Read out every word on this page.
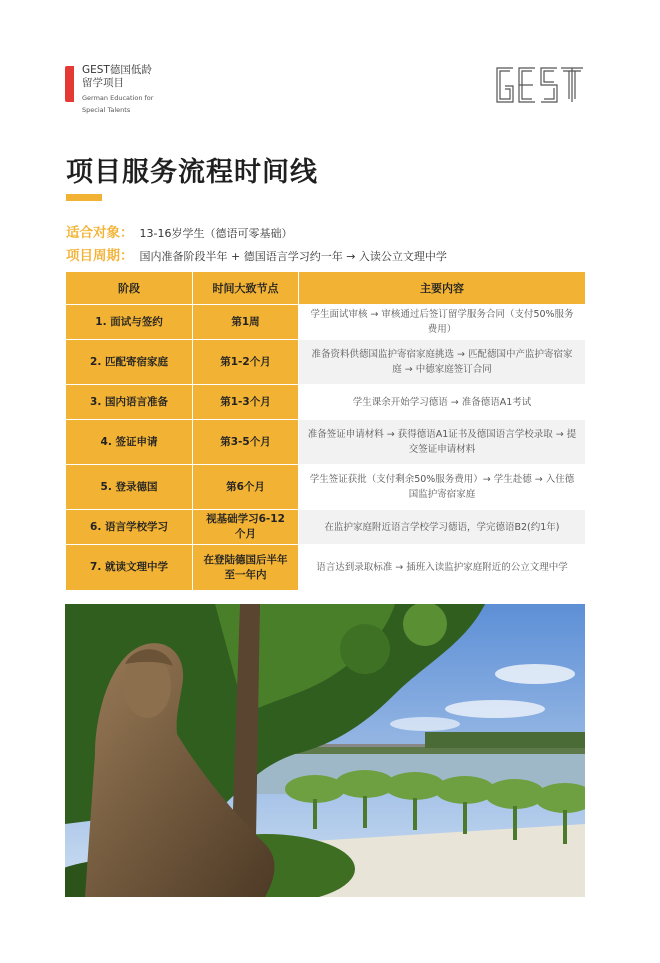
GEST德国低龄
留学项目
German Education for
Special Talents
项目服务流程时间线
适合对象： 13-16岁学生（德语可零基础）
项目周期： 国内准备阶段半年 + 德国语言学习约一年 → 入读公立文理中学
阶段	时间大致节点	主要内容
1. 面试与签约	第1周	学生面试审核 → 审核通过后签订留学服务合同（支付50%服务费用）
2. 匹配寄宿家庭	第1-2个月	准备资料供德国监护寄宿家庭挑选 → 匹配德国中产监护寄宿家庭 → 中德家庭签订合同
3. 国内语言准备	第1-3个月	学生课余开始学习德语 → 准备德语A1考试
4. 签证申请	第3-5个月	准备签证申请材料 → 获得德语A1证书及德国语言学校录取 → 提交签证申请材料
5. 登录德国	第6个月	学生签证获批（支付剩余50%服务费用）→ 学生赴德 → 入住德国监护寄宿家庭
6. 语言学校学习	视基础学习6-12个月	在监护家庭附近语言学校学习德语，学完德语B2(约1年)
7. 就读文理中学	在登陆德国后半年至一年内	语言达到录取标准 → 插班入读监护家庭附近的公立文理中学
